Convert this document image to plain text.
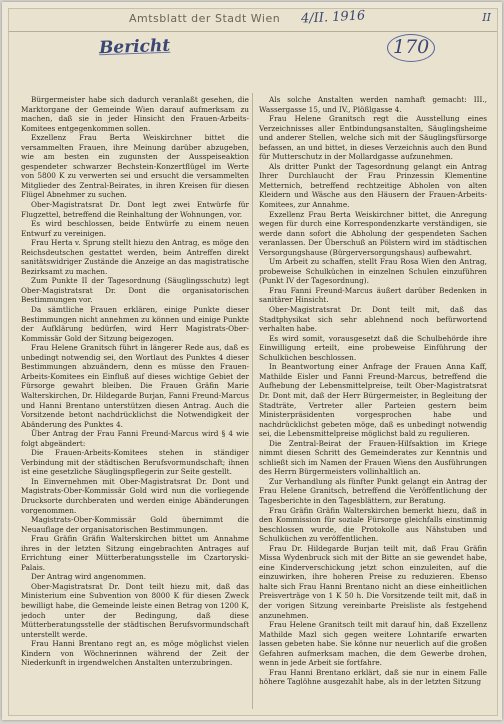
Amtsblatt der Stadt Wien 4/II. 1916	II
Bericht	170

Bürgermeister habe sich dadurch veranlaßt gesehen, die Marktorgane der Gemeinde Wien darauf aufmerksam zu machen, daß sie in jeder Hinsicht den Frauen-Arbeits-Komitees entgegenkommen sollen.

Exzellenz Frau Berta Weiskirchner bittet die versammelten Frauen, ihre Meinung darüber abzugeben, wie am besten ein zugunsten der Ausspeiseaktion gespendeter schwarzer Bechstein-Konzertflügel im Werte von 5800 K zu verwerten sei und ersucht die versammelten Mitglieder des Zentral-Beirates, in ihren Kreisen für diesen Flügel Abnehmer zu suchen.

Ober-Magistratsrat Dr. Dont legt zwei Entwürfe für Flugzettel, betreffend die Reinhaltung der Wohnungen, vor.

Es wird beschlossen, beide Entwürfe zu einem neuen Entwurf zu vereinigen.

Frau Herta v. Sprung stellt hiezu den Antrag, es möge den Reichsdeutschen gestattet werden, beim Antreffen direkt sanitätswidriger Zustände die Anzeige an das magistratische Bezirksamt zu machen.

Zum Punkte II der Tagesordnung (Säuglingsschutz) legt Ober-Magistratsrat Dr. Dont die organisatorischen Bestimmungen vor.

Da sämtliche Frauen erklären, einige Punkte dieser Bestimmungen nicht annehmen zu können und einige Punkte der Aufklärung bedürfen, wird Herr Magistrats-Ober-Kommissär Gold der Sitzung beigezogen.

Frau Helene Granitsch führt in längerer Rede aus, daß es unbedingt notwendig sei, den Wortlaut des Punktes 4 dieser Bestimmungen abzuändern, denn es müsse den Frauen-Arbeits-Komitees ein Einfluß auf dieses wichtige Gebiet der Fürsorge gewahrt bleiben. Die Frauen Gräfin Marie Walterskirchen, Dr. Hildegarde Burjan, Fanni Freund-Marcus und Hanni Brentano unterstützen diesen Antrag. Auch die Vorsitzende betont nachdrücklichst die Notwendigkeit der Abänderung des Punktes 4.

Über Antrag der Frau Fanni Freund-Marcus wird § 4 wie folgt abgeändert:

Die Frauen-Arbeits-Komitees stehen in ständiger Verbindung mit der städtischen Berufsvormundschaft; ihnen ist eine gesetzliche Säuglingspflegerin zur Seite gestellt.

In Einvernehmen mit Ober-Magistratsrat Dr. Dont und Magistrats-Ober-Kommissär Gold wird nun die vorliegende Drucksorte durchberaten und werden einige Abänderungen vorgenommen.

Magistrats-Ober-Kommissär Gold übernimmt die Neuauflage der organisatorischen Bestimmungen.

Frau Gräfin Gräfin Walterskirchen bittet um Annahme ihres in der letzten Sitzung eingebrachten Antrages auf Errichtung einer Mütterberatungsstelle im Czartoryski-Palais.

Der Antrag wird angenommen.

Ober-Magistratsrat Dr. Dont teilt hiezu mit, daß das Ministerium eine Subvention von 8000 K für diesen Zweck bewilligt habe, die Gemeinde leiste einen Betrag von 1200 K, jedoch unter der Bedingung, daß diese Mütterberatungsstelle der städtischen Berufsvormundschaft unterstellt werde.

Frau Hanni Brentano regt an, es möge möglichst vielen Kindern von Wöchnerinnen während der Zeit der Niederkunft in irgendwelchen Anstalten unterzubringen.

Als solche Anstalten werden namhaft gemacht: III., Wassergasse 15, und IV., Plößlgasse 4.

Frau Helene Granitsch regt die Ausstellung eines Verzeichnisses aller Entbindungsanstalten, Säuglingsheime und anderer Stellen, welche sich mit der Säuglingsfürsorge befassen, an und bittet, in dieses Verzeichnis auch den Bund für Mutterschutz in der Mollardgasse aufzunehmen.

Als dritter Punkt der Tagesordnung gelangt ein Antrag Ihrer Durchlaucht der Frau Prinzessin Klementine Metternich, betreffend rechtzeitige Abholen von alten Kleidern und Wäsche aus den Häusern der Frauen-Arbeits-Komitees, zur Annahme.

Exzellenz Frau Berta Weiskirchner bittet, die Anregung wegen für durch eine Korrespondenzkarte verständigen, sie werde dann sofort die Abholung der gespendeten Sachen veranlassen. Der Überschuß an Pölstern wird im städtischen Versorgungshause (Bürgerversorgungshaus) aufbewahrt.

Um Arbeit zu schaffen, stellt Frau Rosa Wien den Antrag, probeweise Schulküchen in einzelnen Schulen einzuführen (Punkt IV der Tagesordnung).

Frau Fanni Freund-Marcus äußert darüber Bedenken in sanitärer Hinsicht.

Ober-Magistratsrat Dr. Dont teilt mit, daß das Stadtphysikat sich sehr ablehnend noch befürwortend verhalten habe.

Es wird somit, vorausgesetzt daß die Schulbehörde ihre Einwilligung erteilt, eine probeweise Einführung der Schulküchen beschlossen.

In Beantwortung einer Anfrage der Frauen Anna Kaff, Mathilde Eisler und Fanni Freund-Marcus, betreffend die Aufhebung der Lebensmittelpreise, teilt Ober-Magistratsrat Dr. Dont mit, daß der Herr Bürgermeister, in Begleitung der Stadträte, Vertreter aller Parteien gestern beim Ministerpräsidenten vorgesprochen habe und nachdrücklichst gebeten möge, daß es unbedingt notwendig sei, die Lebensmittelpreise möglichst bald zu regulieren.

Die Zentral-Beirat der Frauen-Hilfsaktion im Kriege nimmt diesen Schritt des Gemeinderates zur Kenntnis und schließt sich im Namen der Frauen Wiens den Ausführungen des Herrn Bürgermeisters vollinhaltlich an.

Zur Verhandlung als fünfter Punkt gelangt ein Antrag der Frau Helene Granitsch, betreffend die Veröffentlichung der Tagesberichte in den Tagesblättern, zur Beratung.

Frau Gräfin Gräfin Walterskirchen bemerkt hiezu, daß in den Kommission für soziale Fürsorge gleichfalls einstimmig beschlossen wurde, die Protokolle aus Nähstuben und Schulküchen zu veröffentlichen.

Frau Dr. Hildegarde Burjan teilt mit, daß Frau Gräfin Missa Wydenbruck sich mit der Bitte an sie gewendet habe, eine Kinderverschickung jetzt schon einzuleiten, auf die einzuwirken, ihre hoheren Preise zu reduzieren. Ebenso halte sich Frau Hanni Brentano nicht an diese einheitlichen Preisverträge von 1 K 50 h. Die Vorsitzende teilt mit, daß in der vorigen Sitzung vereinbarte Preisliste als festgehend anzunehmen.

Frau Helene Granitsch teilt mit darauf hin, daß Exzellenz Mathilde Mazl sich gegen weitere Lohntarife erwarten lassen gebeten habe. Sie könne nur neuerlich auf die großen Gefahren aufmerksam machen, die dem Gewerbe drohen, wenn in jede Arbeit sie fortfahre.

Frau Hanni Brentano erklärt, daß sie nur in einem Falle höhere Taglöhne ausgezahlt habe, als in der letzten Sitzung
